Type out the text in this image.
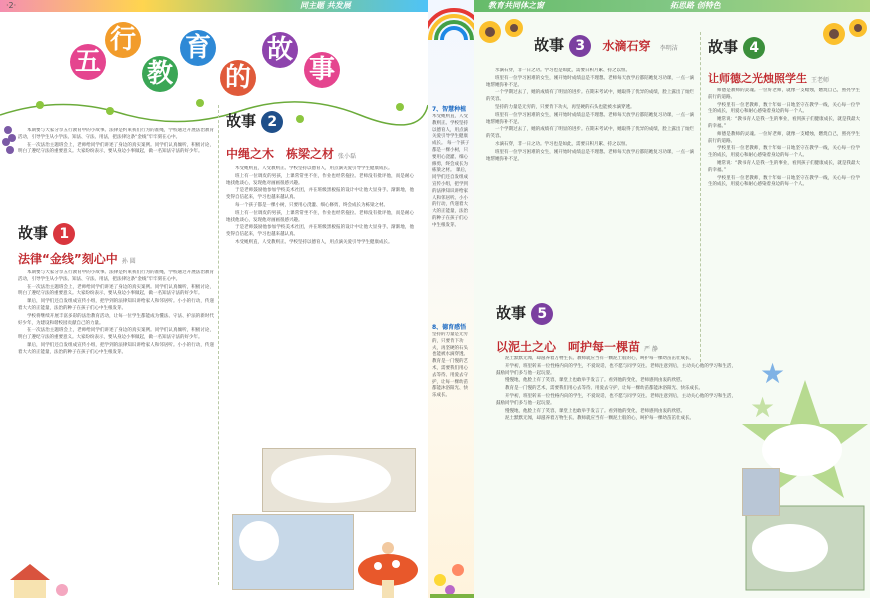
·2·	同主题 共发展
五
行
教
育
的
故
事

本期要与大家分享五行教育中的小故事。法律是约束我们行为的准绳，学校通过开展法治教育活动，引导学生从小学法、知法、守法、用法，把法律这条“金线”牢牢刻在心中。

在一次法治主题班会上，老师给同学们讲述了身边的真实案例。同学们认真倾听，积极讨论，明白了遵纪守法的重要意义。大家纷纷表示，要从身边小事做起，做一名知法守法的好少年。

故事 1
法律“金线”刻心中 孙 圆

本期要与大家分享五行教育中的小故事。法律是约束我们行为的准绳，学校通过开展法治教育活动，引导学生从小学法、知法、守法、用法，把法律这条“金线”牢牢刻在心中。

在一次法治主题班会上，老师给同学们讲述了身边的真实案例。同学们认真倾听，积极讨论，明白了遵纪守法的重要意义。大家纷纷表示，要从身边小事做起，做一名知法守法的好少年。

课后，同学们还自发组成宣传小组，把学到的法律知识讲给家人和邻居听。小小的行动，传递着大大的正能量，法治的种子在孩子们心中生根发芽。

学校将继续开展丰富多彩的法治教育活动，让每一位学生都能成为懂法、守法、护法的新时代好少年，为建设和谐校园贡献自己的力量。

在一次法治主题班会上，老师给同学们讲述了身边的真实案例。同学们认真倾听，积极讨论，明白了遵纪守法的重要意义。大家纷纷表示，要从身边小事做起，做一名知法守法的好少年。

课后，同学们还自发组成宣传小组，把学到的法律知识讲给家人和邻居听。小小的行动，传递着大大的正能量，法治的种子在孩子们心中生根发芽。

故事 2
中绳之木　栋梁之材 张小磊

木受绳则直，人受教则正。学校坚持以德育人，用点滴关爱引导学生健康成长。

班上有一位调皮的男孩，上课常常坐不住，作业也经常拖拉。老师没有批评他，而是耐心地找他谈心，发现他对画画很感兴趣。

于是老师鼓励他参加学校美术社团，并在班级黑板报的设计中让他大显身手。渐渐地，他变得自信起来，学习也越来越认真。

每一个孩子都是一棵小树，只要用心浇灌、细心修剪，终会成长为栋梁之材。

班上有一位调皮的男孩，上课常常坐不住，作业也经常拖拉。老师没有批评他，而是耐心地找他谈心，发现他对画画很感兴趣。

于是老师鼓励他参加学校美术社团，并在班级黑板报的设计中让他大显身手。渐渐地，他变得自信起来，学习也越来越认真。

木受绳则直，人受教则正。学校坚持以德育人，用点滴关爱引导学生健康成长。

7、智慧种植
木受绳则直，人受教则正。学校坚持以德育人，用点滴关爱引导学生健康成长。 每一个孩子都是一棵小树，只要用心浇灌、细心修剪，终会成长为栋梁之材。 课后，同学们还自发组成宣传小组，把学到的法律知识讲给家人和邻居听。小小的行动，传递着大大的正能量，法治的种子在孩子们心中生根发芽。
8、德育感悟
坚持的力量是无穷的，只要肯下功夫，再坚硬的石头也能被水滴穿透。 教育是一门慢的艺术，需要我们用心去等待、用爱去守护，让每一棵幼苗都能沐浴阳光、快乐成长。
教育共同体之窗	拓思路 创特色
故事 3 水滴石穿 李明洁

水滴石穿，非一日之功。学习也是如此，需要日积月累、持之以恒。

班里有一位学习困难的女生，刚开始时成绩总是不理想。老师每天放学后都陪她复习功课，一点一滴地帮她弥补不足。

一个学期过去了，她的成绩有了明显的进步。在期末考试中，她取得了优异的成绩，脸上露出了灿烂的笑容。

坚持的力量是无穷的，只要肯下功夫，再坚硬的石头也能被水滴穿透。

班里有一位学习困难的女生，刚开始时成绩总是不理想。老师每天放学后都陪她复习功课，一点一滴地帮她弥补不足。

一个学期过去了，她的成绩有了明显的进步。在期末考试中，她取得了优异的成绩，脸上露出了灿烂的笑容。

水滴石穿，非一日之功。学习也是如此，需要日积月累、持之以恒。

班里有一位学习困难的女生，刚开始时成绩总是不理想。老师每天放学后都陪她复习功课，一点一滴地帮她弥补不足。

故事 4
让师德之光烛照学生 王老师

师德是教师的灵魂。一位好老师，就像一支蜡烛，燃烧自己，照亮学生前行的道路。

学校里有一位老教师，数十年如一日地坚守在教学一线，关心每一位学生的成长，用爱心和耐心感染着身边的每一个人。

她常说：“教书育人是我一生的事业，看到孩子们健康成长，就是我最大的幸福。”

师德是教师的灵魂。一位好老师，就像一支蜡烛，燃烧自己，照亮学生前行的道路。

学校里有一位老教师，数十年如一日地坚守在教学一线，关心每一位学生的成长，用爱心和耐心感染着身边的每一个人。

她常说：“教书育人是我一生的事业，看到孩子们健康成长，就是我最大的幸福。”

学校里有一位老教师，数十年如一日地坚守在教学一线，关心每一位学生的成长，用爱心和耐心感染着身边的每一个人。

故事 5
以泥土之心　呵护每一棵苗 严 静

泥土默默无闻，却滋养着万物生长。教师就应当有一颗泥土般的心，呵护每一棵幼苗茁壮成长。

开学初，班里转来一位性格内向的学生，不爱说话，也不愿与同学交往。老师注意到后，主动关心他的学习和生活，鼓励同学们多与他一起玩耍。

慢慢地，他脸上有了笑容，课堂上也敢举手发言了。看到他的变化，老师感到由衷的欣慰。

教育是一门慢的艺术，需要我们用心去等待、用爱去守护，让每一棵幼苗都能沐浴阳光、快乐成长。

开学初，班里转来一位性格内向的学生，不爱说话，也不愿与同学交往。老师注意到后，主动关心他的学习和生活，鼓励同学们多与他一起玩耍。

慢慢地，他脸上有了笑容，课堂上也敢举手发言了。看到他的变化，老师感到由衷的欣慰。

泥土默默无闻，却滋养着万物生长。教师就应当有一颗泥土般的心，呵护每一棵幼苗茁壮成长。

★
★
